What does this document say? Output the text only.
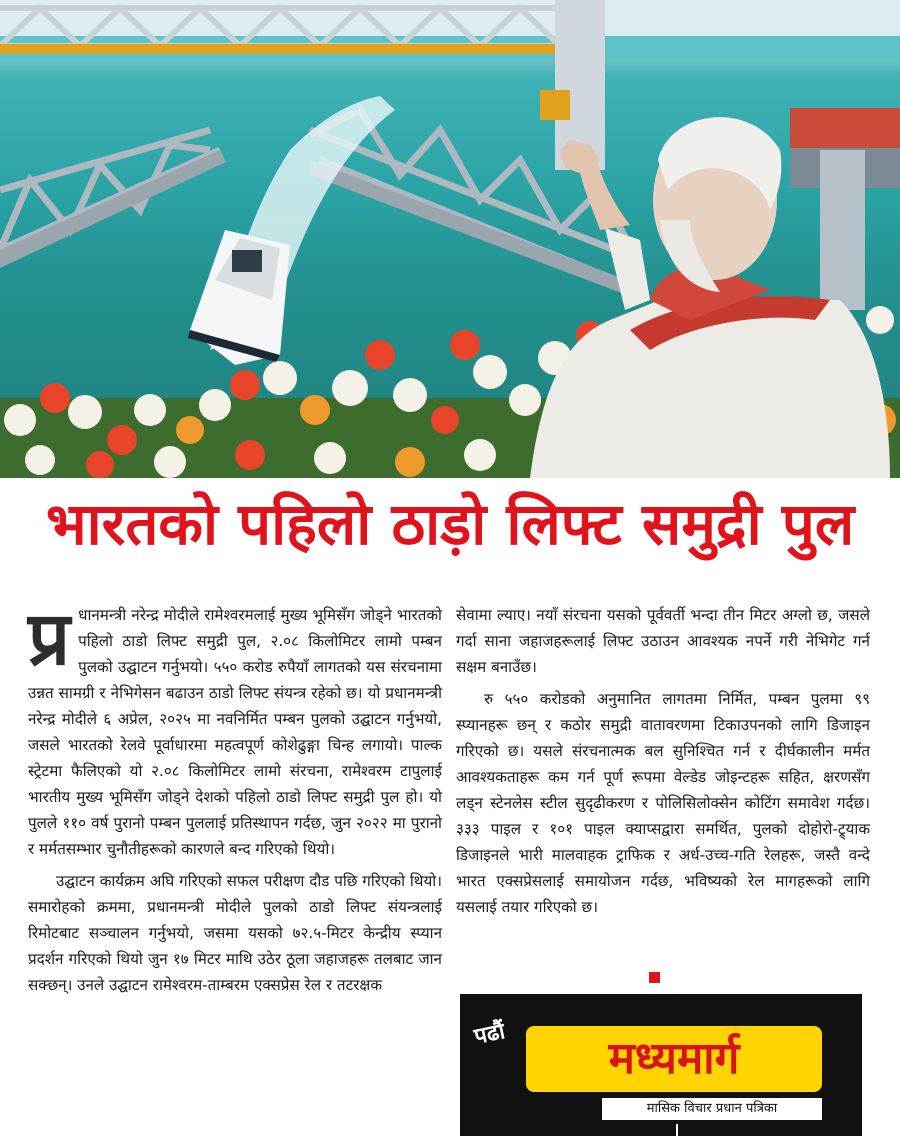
भारतको पहिलो ठाड़ो लिफ्ट समुद्री पुल

प्र धानमन्त्री नरेन्द्र मोदीले रामेश्वरमलाई मुख्य भूमिसँग जोड्ने भारतको पहिलो ठाडो लिफ्ट समुद्री पुल, २.०८ किलोमिटर लामो पम्बन पुलको उद्घाटन गर्नुभयो। ५५० करोड रुपैयाँ लागतको यस संरचनामा उन्नत सामग्री र नेभिगेसन बढाउन ठाडो लिफ्ट संयन्त्र रहेको छ। यो प्रधानमन्त्री नरेन्द्र मोदीले ६ अप्रेल, २०२५ मा नवनिर्मित पम्बन पुलको उद्घाटन गर्नुभयो, जसले भारतको रेलवे पूर्वाधारमा महत्वपूर्ण कोशेढुङ्गा चिन्ह लगायो। पाल्क स्ट्रेटमा फैलिएको यो २.०८ किलोमिटर लामो संरचना, रामेश्वरम टापुलाई भारतीय मुख्य भूमिसँग जोड्ने देशको पहिलो ठाडो लिफ्ट समुद्री पुल हो। यो पुलले ११० वर्ष पुरानो पम्बन पुललाई प्रतिस्थापन गर्दछ, जुन २०२२ मा पुरानो र मर्मतसम्भार चुनौतीहरूको कारणले बन्द गरिएको थियो।

उद्घाटन कार्यक्रम अघि गरिएको सफल परीक्षण दौड पछि गरिएको थियो। समारोहको क्रममा, प्रधानमन्त्री मोदीले पुलको ठाडो लिफ्ट संयन्त्रलाई रिमोटबाट सञ्चालन गर्नुभयो, जसमा यसको ७२.५-मिटर केन्द्रीय स्प्यान प्रदर्शन गरिएको थियो जुन १७ मिटर माथि उठेर ठूला जहाजहरू तलबाट जान सक्छन्। उनले उद्घाटन रामेश्वरम-ताम्बरम एक्सप्रेस रेल र तटरक्षक

सेवामा ल्याए। नयाँ संरचना यसको पूर्ववर्ती भन्दा तीन मिटर अग्लो छ, जसले गर्दा साना जहाजहरूलाई लिफ्ट उठाउन आवश्यक नपर्ने गरी नेभिगेट गर्न सक्षम बनाउँछ।

रु ५५० करोडको अनुमानित लागतमा निर्मित, पम्बन पुलमा ९९ स्प्यानहरू छन् र कठोर समुद्री वातावरणमा टिकाउपनको लागि डिजाइन गरिएको छ। यसले संरचनात्मक बल सुनिश्चित गर्न र दीर्घकालीन मर्मत आवश्यकताहरू कम गर्न पूर्ण रूपमा वेल्डेड जोइन्टहरू सहित, क्षरणसँग लड्न स्टेनलेस स्टील सुदृढीकरण र पोलिसिलोक्सेन कोटिंग समावेश गर्दछ। ३३३ पाइल र १०१ पाइल क्याप्सद्वारा समर्थित, पुलको दोहोरो-ट्र्याक डिजाइनले भारी मालवाहक ट्राफिक र अर्ध-उच्च-गति रेलहरू, जस्तै वन्दे भारत एक्सप्रेसलाई समायोजन गर्दछ, भविष्यको रेल मागहरूको लागि यसलाई तयार गरिएको छ।

पढौं	मध्यमार्ग
मासिक विचार प्रधान पत्रिका
